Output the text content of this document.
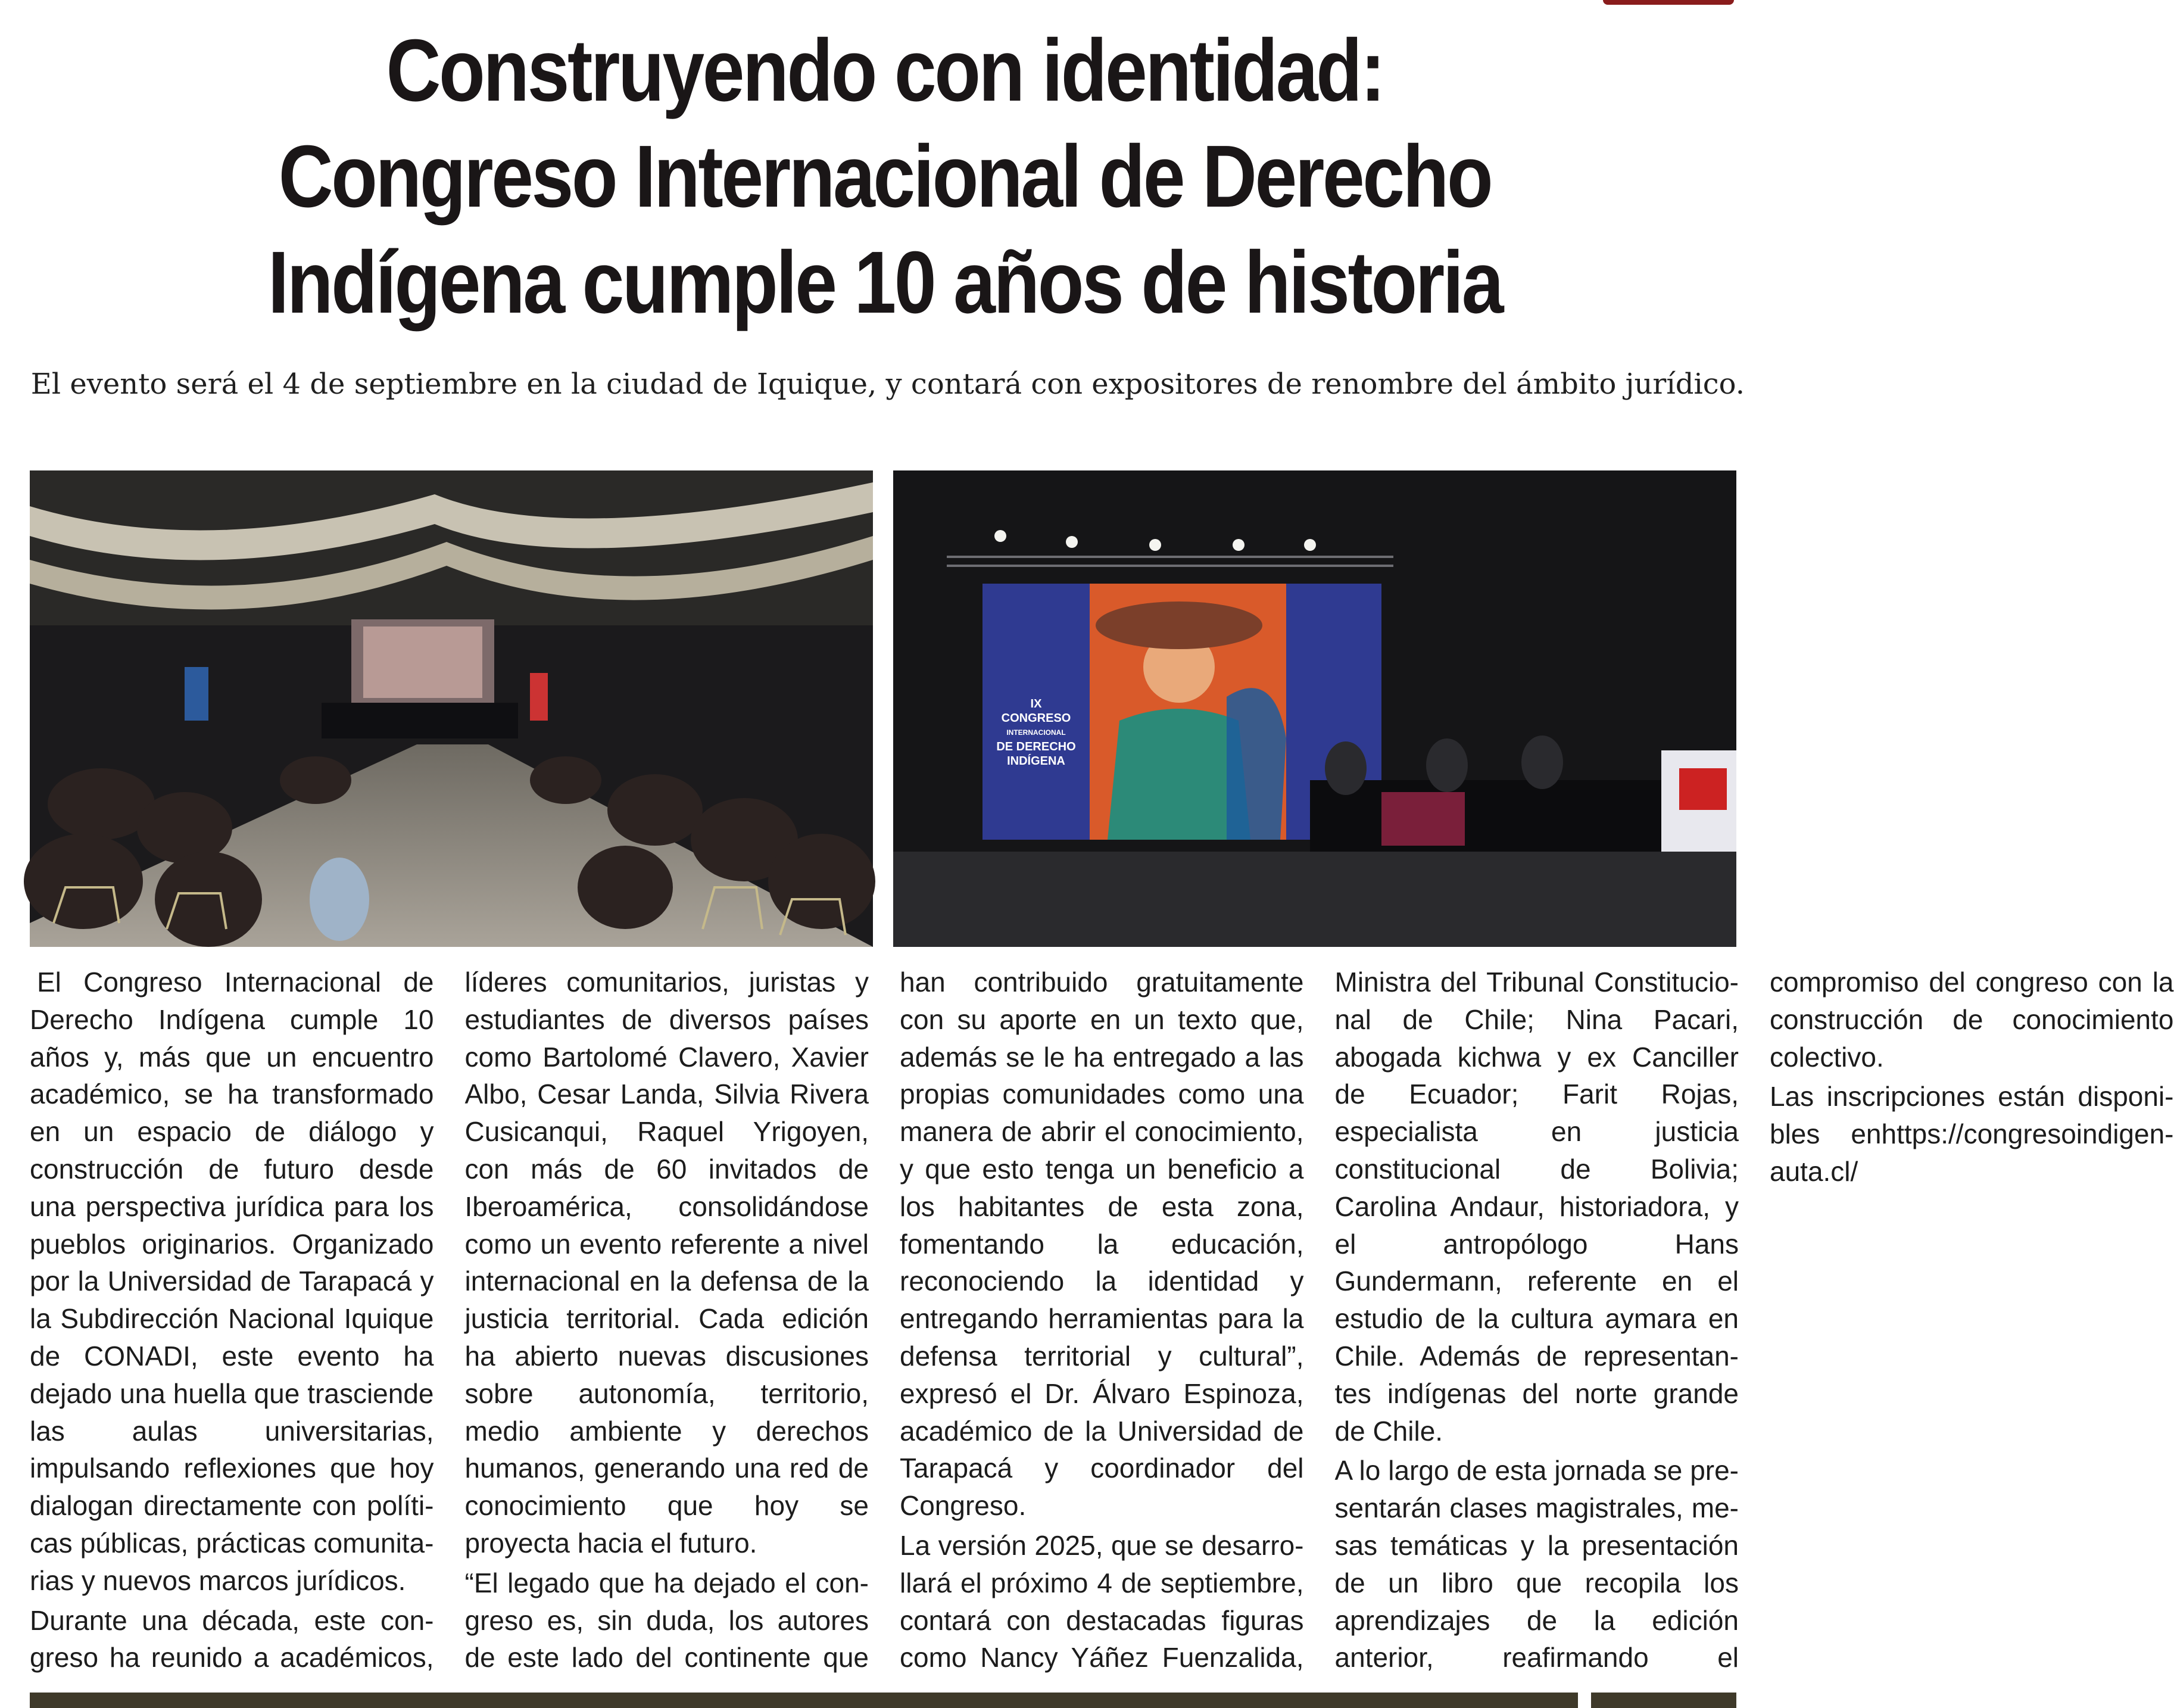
Construyendo con identidad:
Congreso Internacional de Derecho
Indígena cumple 10 años de historia

El evento será el 4 de septiembre en la ciudad de Iquique, y contará con expositores de renombre del ámbito jurídico.

IX
CONGRESO
INTERNACIONAL
DE DERECHO
INDÍGENA

El Congreso Internacional de Derecho Indígena cumple 10 años y, más que un encuentro académico, se ha transformado en un espacio de diálogo y construcción de futuro desde una perspectiva jurídica para los pueblos originarios. Organizado por la Universidad de Tarapacá y la Subdirección Nacional Iquique de CONADI, este evento ha dejado una huella que trasciende las aulas universitarias, impulsando reflexiones que hoy dialogan directamente con políticas públicas, prácticas comunitarias y nuevos marcos jurídicos.

Durante una década, este congreso ha reunido a académicos, líderes comunitarios, juristas y estudiantes de diversos países como Bartolomé Clavero, Xavier Albo, Cesar Landa, Silvia Rivera Cusicanqui, Raquel Yrigoyen, con más de 60 invitados de Iberoamérica, consolidándose como un evento referente a nivel internacional en la defensa de la justicia territorial. Cada edición ha abierto nuevas discusiones sobre autonomía, territorio, medio ambiente y derechos humanos, generando una red de conocimiento que hoy se proyecta hacia el futuro.

“El legado que ha dejado el congreso es, sin duda, los autores de este lado del continente que han contribuido gratuitamente con su aporte en un texto que, además se le ha entregado a las propias comunidades como una manera de abrir el conocimiento, y que esto tenga un beneficio a los habitantes de esta zona, fomentando la educación, reconociendo la identidad y entregando herramientas para la defensa territorial y cultural”, expresó el Dr. Álvaro Espinoza, académico de la Universidad de Tarapacá y coordinador del Congreso.

La versión 2025, que se desarrollará el próximo 4 de septiembre, contará con destacadas figuras como Nancy Yáñez Fuenzalida, Ministra del Tribunal Constitucional de Chile; Nina Pacari, abogada kichwa y ex Canciller de Ecuador; Farit Rojas, especialista en justicia constitucional de Bolivia; Carolina Andaur, historiadora, y el antropólogo Hans Gundermann, referente en el estudio de la cultura aymara en Chile. Además de representantes indígenas del norte grande de Chile.

A lo largo de esta jornada se presentarán clases magistrales, mesas temáticas y la presentación de un libro que recopila los aprendizajes de la edición anterior, reafirmando el compromiso del congreso con la construcción de conocimiento colectivo.

Las inscripciones están disponibles enhttps://congresoindigenauta.cl/
